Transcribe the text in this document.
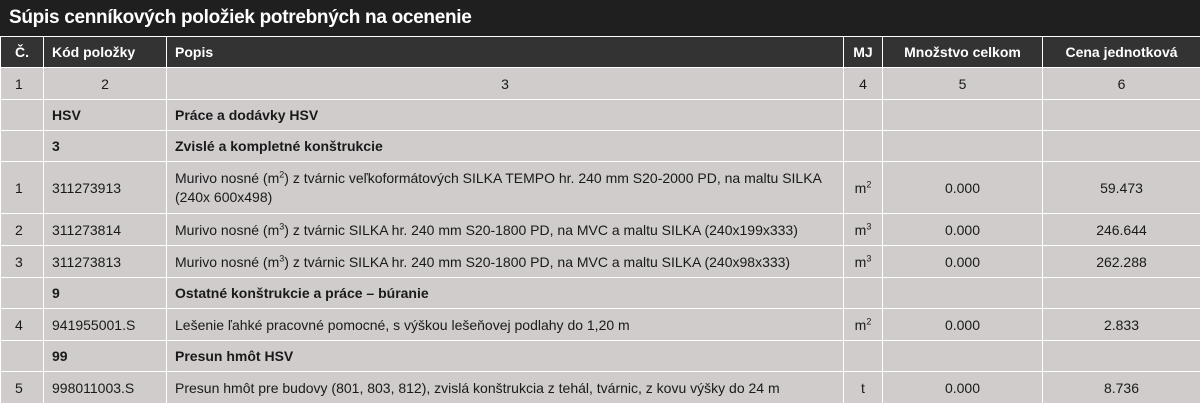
Súpis cenníkových položiek potrebných na ocenenie
Č.	Kód položky	Popis	MJ	Množstvo celkom	Cena jednotková
1	2	3	4	5	6
	HSV	Práce a dodávky HSV			
	3	Zvislé a kompletné konštrukcie			
1	311273913	Murivo nosné $(m^2)$ z tvárnic veľkoformátových SILKA TEMPO hr. 240 mm S20-2000 PD, na maltu SILKA (240x 600x498)	$m^2$	0.000	59.473
2	311273814	Murivo nosné $(m^3)$ z tvárnic SILKA hr. 240 mm S20-1800 PD, na MVC a maltu SILKA (240x199x333)	$m^3$	0.000	246.644
3	311273813	Murivo nosné $(m^3)$ z tvárnic SILKA hr. 240 mm S20-1800 PD, na MVC a maltu SILKA (240x98x333)	$m^3$	0.000	262.288
	9	Ostatné konštrukcie a práce – búranie			
4	941955001.S	Lešenie ľahké pracovné pomocné, s výškou lešeňovej podlahy do 1,20 m	$m^2$	0.000	2.833
	99	Presun hmôt HSV			
5	998011003.S	Presun hmôt pre budovy (801, 803, 812), zvislá konštrukcia z tehál, tvárnic, z kovu výšky do 24 m	t	0.000	8.736
